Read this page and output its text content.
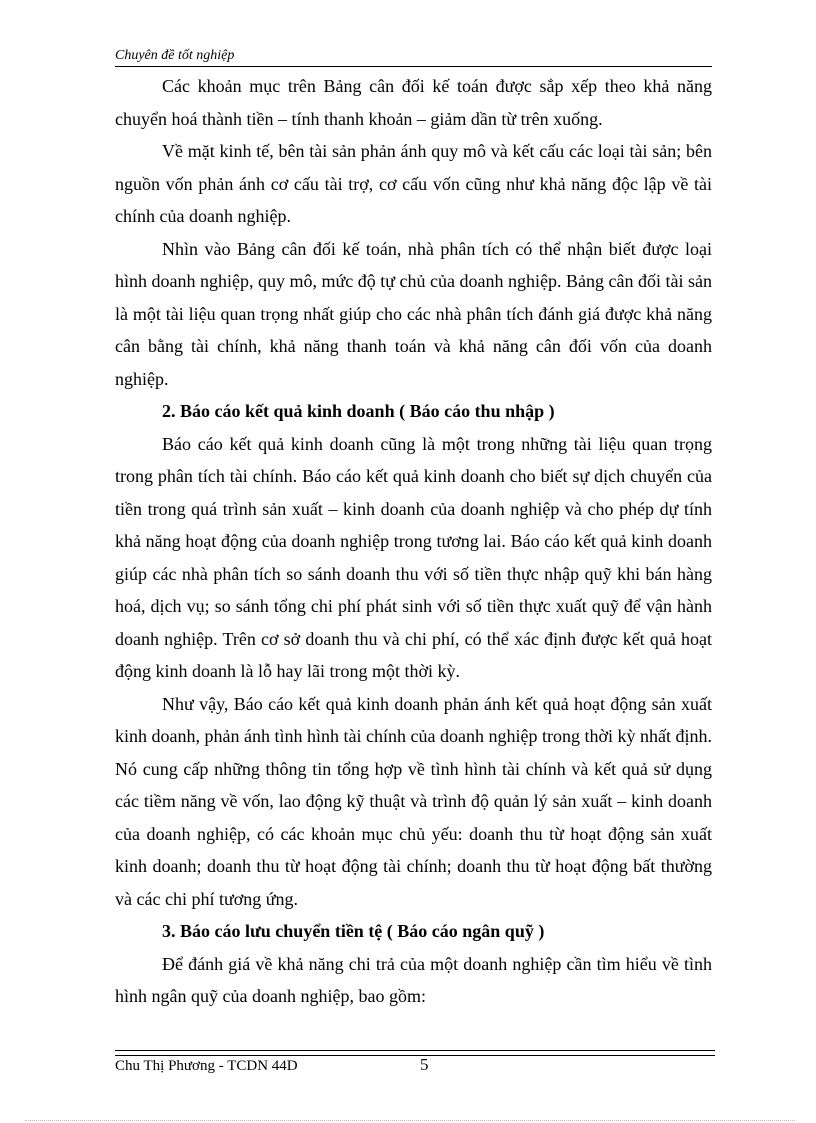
Chuyên đề tốt nghiệp

Các khoản mục trên Bảng cân đối kế toán được sắp xếp theo khả năng chuyển hoá thành tiền – tính thanh khoản – giảm dần từ trên xuống.

Về mặt kinh tế, bên tài sản phản ánh quy mô và kết cấu các loại tài sản; bên nguồn vốn phản ánh cơ cấu tài trợ, cơ cấu vốn cũng như khả năng độc lập về tài chính của doanh nghiệp.

Nhìn vào Bảng cân đối kế toán, nhà phân tích có thể nhận biết được loại hình doanh nghiệp, quy mô, mức độ tự chủ của doanh nghiệp. Bảng cân đối tài sản là một tài liệu quan trọng nhất giúp cho các nhà phân tích đánh giá được khả năng cân bằng tài chính, khả năng thanh toán và khả năng cân đối vốn của doanh nghiệp.

2. Báo cáo kết quả kinh doanh ( Báo cáo thu nhập )

Báo cáo kết quả kinh doanh cũng là một trong những tài liệu quan trọng trong phân tích tài chính. Báo cáo kết quả kinh doanh cho biết sự dịch chuyển của tiền trong quá trình sản xuất – kinh doanh của doanh nghiệp và cho phép dự tính khả năng hoạt động của doanh nghiệp trong tương lai. Báo cáo kết quả kinh doanh giúp các nhà phân tích so sánh doanh thu với số tiền thực nhập quỹ khi bán hàng hoá, dịch vụ; so sánh tổng chi phí phát sinh với số tiền thực xuất quỹ để vận hành doanh nghiệp. Trên cơ sở doanh thu và chi phí, có thể xác định được kết quả hoạt động kinh doanh là lỗ hay lãi trong một thời kỳ.

Như vậy, Báo cáo kết quả kinh doanh phản ánh kết quả hoạt động sản xuất kinh doanh, phản ánh tình hình tài chính của doanh nghiệp trong thời kỳ nhất định. Nó cung cấp những thông tin tổng hợp về tình hình tài chính và kết quả sử dụng các tiềm năng về vốn, lao động kỹ thuật và trình độ quản lý sản xuất – kinh doanh của doanh nghiệp, có các khoản mục chủ yếu: doanh thu từ hoạt động sản xuất kinh doanh; doanh thu từ hoạt động tài chính; doanh thu từ hoạt động bất thường và các chi phí tương ứng.

3. Báo cáo lưu chuyển tiền tệ ( Báo cáo ngân quỹ )

Để đánh giá về khả năng chi trả của một doanh nghiệp cần tìm hiểu về tình hình ngân quỹ của doanh nghiệp, bao gồm:

Chu Thị Phương - TCDN 44D	5
